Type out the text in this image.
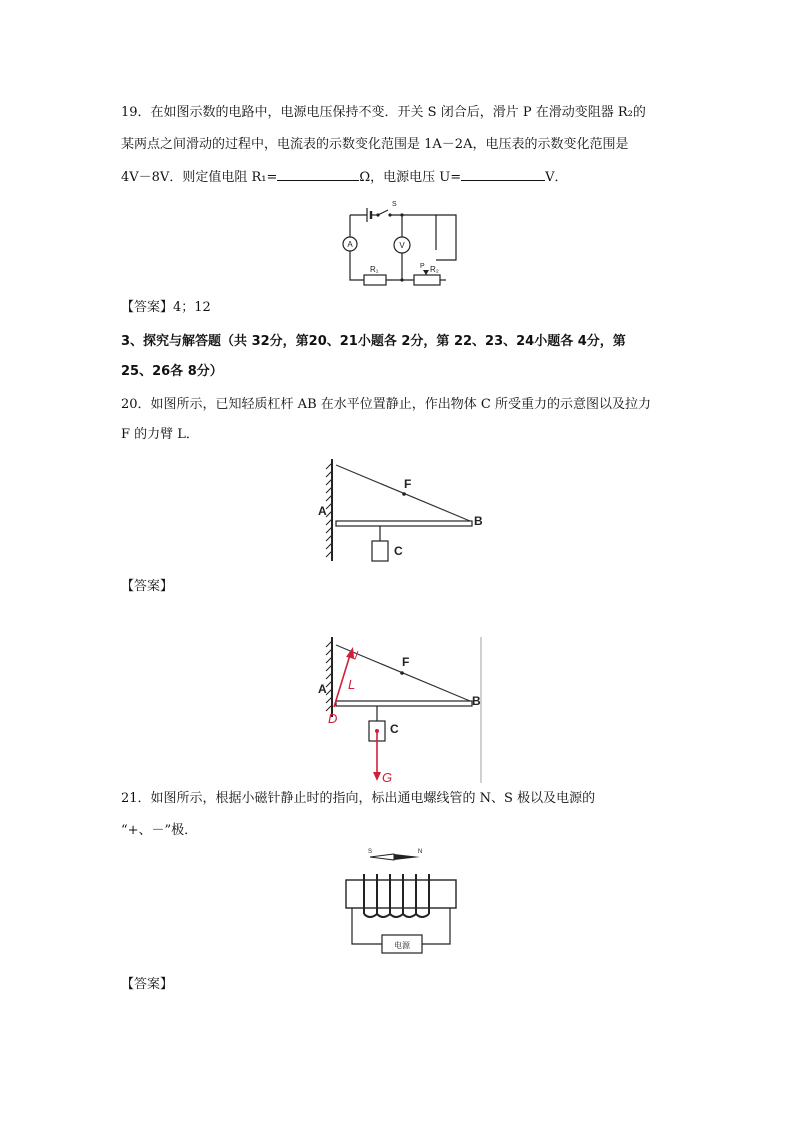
19．在如图示数的电路中，电源电压保持不变．开关 S 闭合后，滑片 P 在滑动变阻器 R₂的
某两点之间滑动的过程中，电流表的示数变化范围是 1A－2A，电压表的示数变化范围是
4V－8V．则定值电阻 R₁=	Ω，电源电压 U=	V．
A	V
S
P
R₁	R₂
【答案】4；12
3、探究与解答题（共 32分，第20、21小题各 2分，第 22、23、24小题各 4分，第
25、26各 8分）
20．如图所示，已知轻质杠杆 AB 在水平位置静止，作出物体 C 所受重力的示意图以及拉力
F 的力臂 L．
A
B
C
F
【答案】
A
B
C
F
L
D
G
21．如图所示，根据小磁针静止时的指向，标出通电螺线管的 N、S 极以及电源的
“+、－”极．
S	N
电源
【答案】
